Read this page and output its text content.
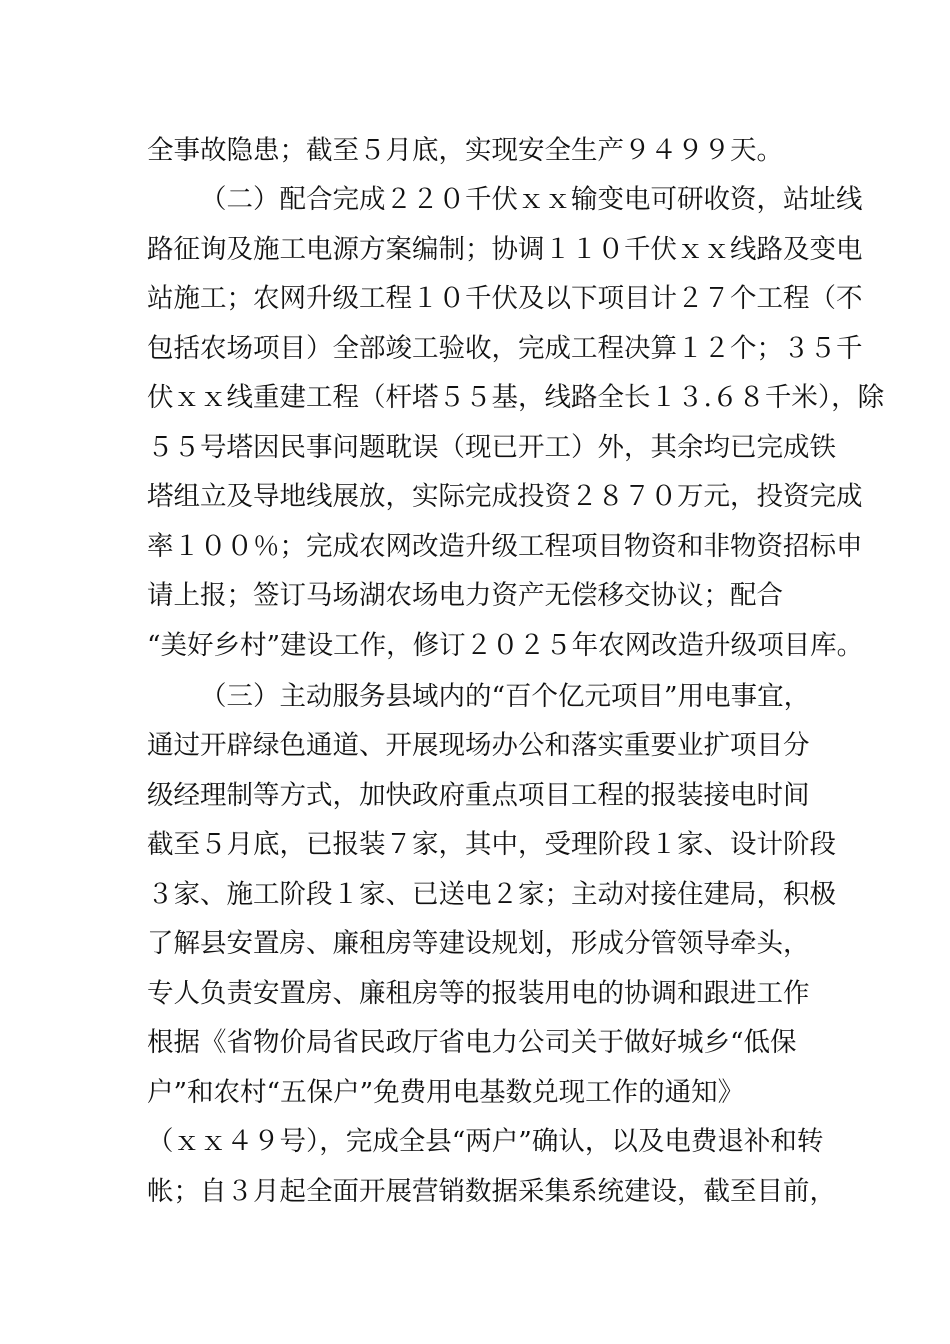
全事故隐患；截至５月底，实现安全生产９４９９天。

（二）配合完成２２０千伏ｘｘ输变电可研收资，站址线

路征询及施工电源方案编制；协调１１０千伏ｘｘ线路及变电

站施工；农网升级工程１０千伏及以下项目计２７个工程（不

包括农场项目）全部竣工验收，完成工程决算１２个；３５千

伏ｘｘ线重建工程（杆塔５５基，线路全长１３.６８千米），除

５５号塔因民事问题耽误（现已开工）外，其余均已完成铁

塔组立及导地线展放，实际完成投资２８７０万元，投资完成

率１００％；完成农网改造升级工程项目物资和非物资招标申

请上报；签订马场湖农场电力资产无偿移交协议；配合

“美好乡村”建设工作，修订２０２５年农网改造升级项目库。

（三）主动服务县域内的“百个亿元项目”用电事宜，

通过开辟绿色通道、开展现场办公和落实重要业扩项目分

级经理制等方式，加快政府重点项目工程的报装接电时间

截至５月底，已报装７家，其中，受理阶段１家、设计阶段

３家、施工阶段１家、已送电２家；主动对接住建局，积极

了解县安置房、廉租房等建设规划，形成分管领导牵头，

专人负责安置房、廉租房等的报装用电的协调和跟进工作

根据《省物价局省民政厅省电力公司关于做好城乡“低保

户”和农村“五保户”免费用电基数兑现工作的通知》

（ｘｘ４９号），完成全县“两户”确认，以及电费退补和转

帐；自３月起全面开展营销数据采集系统建设，截至目前，
